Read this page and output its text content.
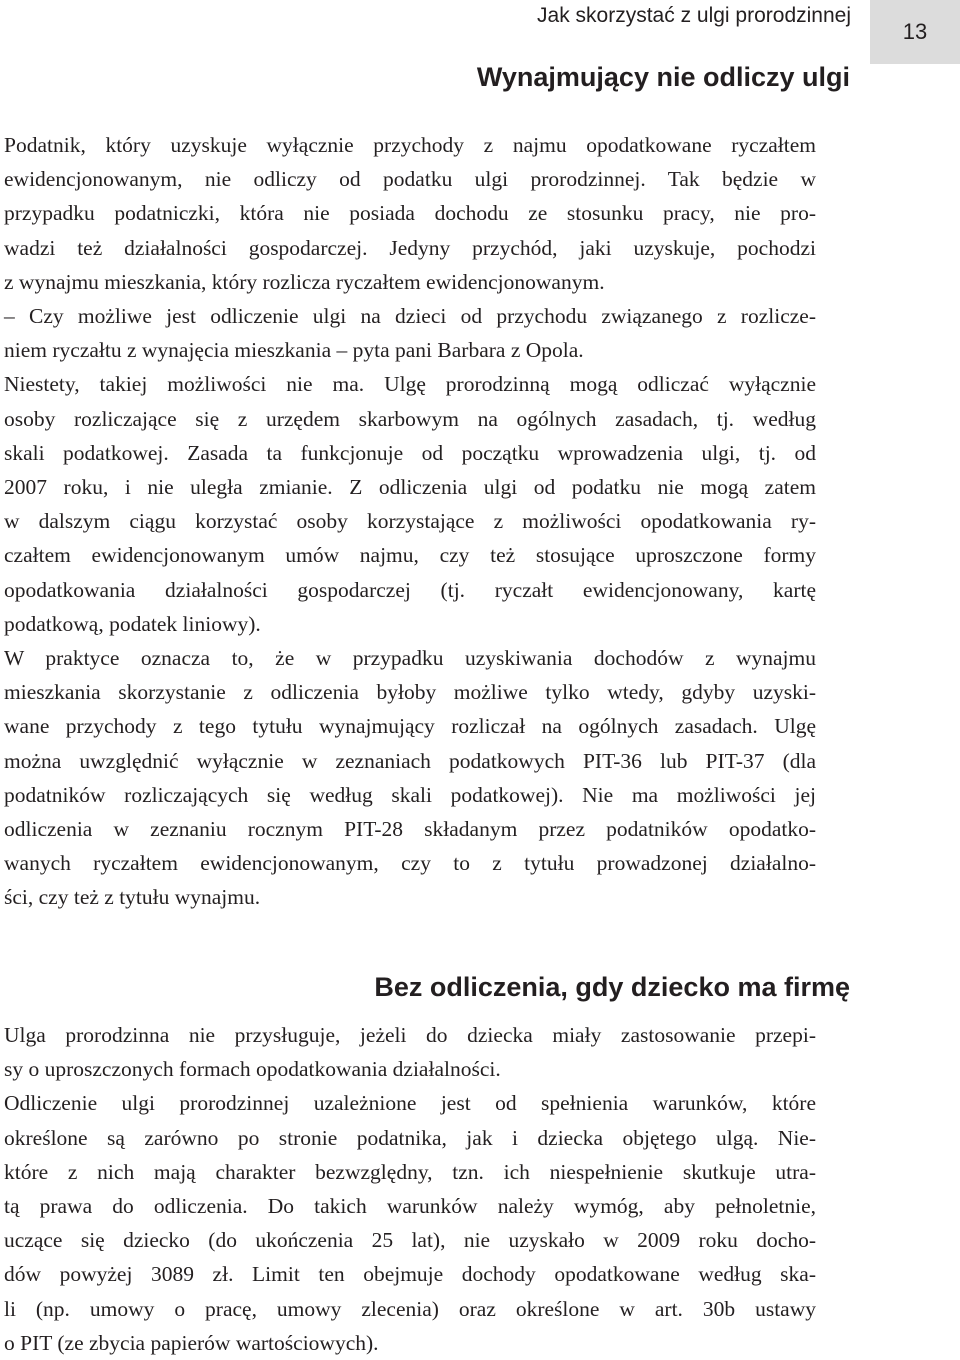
Jak skorzystać z ulgi prorodzinnej
13
Wynajmujący nie odliczy ulgi
Podatnik, który uzyskuje wyłącznie przychody z najmu opodatkowane ryczałtem
ewidencjonowanym, nie odliczy od podatku ulgi prorodzinnej. Tak będzie w
przypadku podatniczki, która nie posiada dochodu ze stosunku pracy, nie pro-
wadzi też działalności gospodarczej. Jedyny przychód, jaki uzyskuje, pochodzi
z wynajmu mieszkania, który rozlicza ryczałtem ewidencjonowanym.
– Czy możliwe jest odliczenie ulgi na dzieci od przychodu związanego z rozlicze-
niem ryczałtu z wynajęcia mieszkania – pyta pani Barbara z Opola.
Niestety, takiej możliwości nie ma. Ulgę prorodzinną mogą odliczać wyłącznie
osoby rozliczające się z urzędem skarbowym na ogólnych zasadach, tj. według
skali podatkowej. Zasada ta funkcjonuje od początku wprowadzenia ulgi, tj. od
2007 roku, i nie uległa zmianie. Z odliczenia ulgi od podatku nie mogą zatem
w dalszym ciągu korzystać osoby korzystające z możliwości opodatkowania ry-
czałtem ewidencjonowanym umów najmu, czy też stosujące uproszczone formy
opodatkowania działalności gospodarczej (tj. ryczałt ewidencjonowany, kartę
podatkową, podatek liniowy).
W praktyce oznacza to, że w przypadku uzyskiwania dochodów z wynajmu
mieszkania skorzystanie z odliczenia byłoby możliwe tylko wtedy, gdyby uzyski-
wane przychody z tego tytułu wynajmujący rozliczał na ogólnych zasadach. Ulgę
można uwzględnić wyłącznie w zeznaniach podatkowych PIT-36 lub PIT-37 (dla
podatników rozliczających się według skali podatkowej). Nie ma możliwości jej
odliczenia w zeznaniu rocznym PIT-28 składanym przez podatników opodatko-
wanych ryczałtem ewidencjonowanym, czy to z tytułu prowadzonej działalno-
ści, czy też z tytułu wynajmu.
Bez odliczenia, gdy dziecko ma firmę
Ulga prorodzinna nie przysługuje, jeżeli do dziecka miały zastosowanie przepi-
sy o uproszczonych formach opodatkowania działalności.
Odliczenie ulgi prorodzinnej uzależnione jest od spełnienia warunków, które
określone są zarówno po stronie podatnika, jak i dziecka objętego ulgą. Nie-
które z nich mają charakter bezwzględny, tzn. ich niespełnienie skutkuje utra-
tą prawa do odliczenia. Do takich warunków należy wymóg, aby pełnoletnie,
uczące się dziecko (do ukończenia 25 lat), nie uzyskało w 2009 roku docho-
dów powyżej 3089 zł. Limit ten obejmuje dochody opodatkowane według ska-
li (np. umowy o pracę, umowy zlecenia) oraz określone w art. 30b ustawy
o PIT (ze zbycia papierów wartościowych).
